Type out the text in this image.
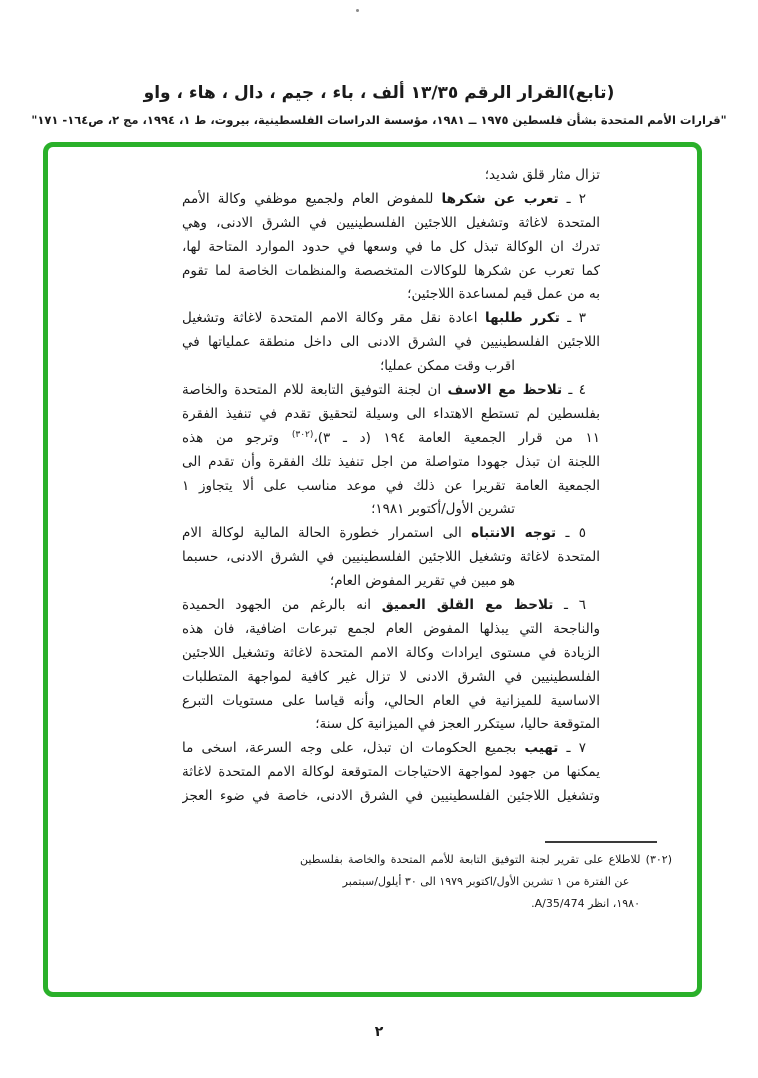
(تابع)القرار الرقم ١٣/٣٥ ألف ، باء ، جيم ، دال ، هاء ، واو
"قرارات الأمم المتحدة بشأن فلسطين ١٩٧٥ ــ ١٩٨١، مؤسسة الدراسات الفلسطينية، بيروت، ط ١، ١٩٩٤، مج ٢، ص١٦٤- ١٧١"
تزال مثار قلق شديد؛
٢ ـ تعرب عن شكرها للمفوض العام ولجميع موظفي وكالة الأمم
المتحدة لاغاثة وتشغيل اللاجئين الفلسطينيين في الشرق الادنى، وهي
تدرك ان الوكالة تبذل كل ما في وسعها في حدود الموارد المتاحة لها،
كما تعرب عن شكرها للوكالات المتخصصة والمنظمات الخاصة لما تقوم
به من عمل قيم لمساعدة اللاجئين؛
٣ ـ تكرر طلبها اعادة نقل مقر وكالة الامم المتحدة لاغاثة وتشغيل
اللاجئين الفلسطينيين في الشرق الادنى الى داخل منطقة عملياتها في
اقرب وقت ممكن عمليا؛
٤ ـ تلاحظ مع الاسف ان لجنة التوفيق التابعة للام المتحدة والخاصة
بفلسطين لم تستطع الاهتداء الى وسيلة لتحقيق تقدم في تنفيذ الفقرة
١١ من قرار الجمعية العامة ١٩٤ (د ـ ٣)،$^{(٣٠٢)}$ وترجو من هذه
اللجنة ان تبذل جهودا متواصلة من اجل تنفيذ تلك الفقرة وأن تقدم الى
الجمعية العامة تقريرا عن ذلك في موعد مناسب على ألا يتجاوز ١
تشرين الأول/أكتوبر ١٩٨١؛
٥ ـ توجه الانتباه الى استمرار خطورة الحالة المالية لوكالة الام
المتحدة لاغاثة وتشغيل اللاجئين الفلسطينيين في الشرق الادنى، حسبما
هو مبين في تقرير المفوض العام؛
٦ ـ تلاحظ مع القلق العميق انه بالرغم من الجهود الحميدة
والناجحة التي يبذلها المفوض العام لجمع تبرعات اضافية، فان هذه
الزيادة في مستوى ايرادات وكالة الامم المتحدة لاغاثة وتشغيل اللاجئين
الفلسطينيين في الشرق الادنى لا تزال غير كافية لمواجهة المتطلبات
الاساسية للميزانية في العام الحالي، وأنه قياسا على مستويات التبرع
المتوقعة حاليا، سيتكرر العجز في الميزانية كل سنة؛
٧ ـ تهيب بجميع الحكومات ان تبذل، على وجه السرعة، اسخى ما
يمكنها من جهود لمواجهة الاحتياجات المتوقعة لوكالة الامم المتحدة لاغاثة
وتشغيل اللاجئين الفلسطينيين في الشرق الادنى، خاصة في ضوء العجز
(٣٠٢) للاطلاع على تقرير لجنة التوفيق التابعة للأمم المتحدة والخاصة بفلسطين
عن الفترة من ١ تشرين الأول/اكتوبر ١٩٧٩ الى ٣٠ أيلول/سبتمبر
١٩٨٠، انظر A/35/474.
٢
